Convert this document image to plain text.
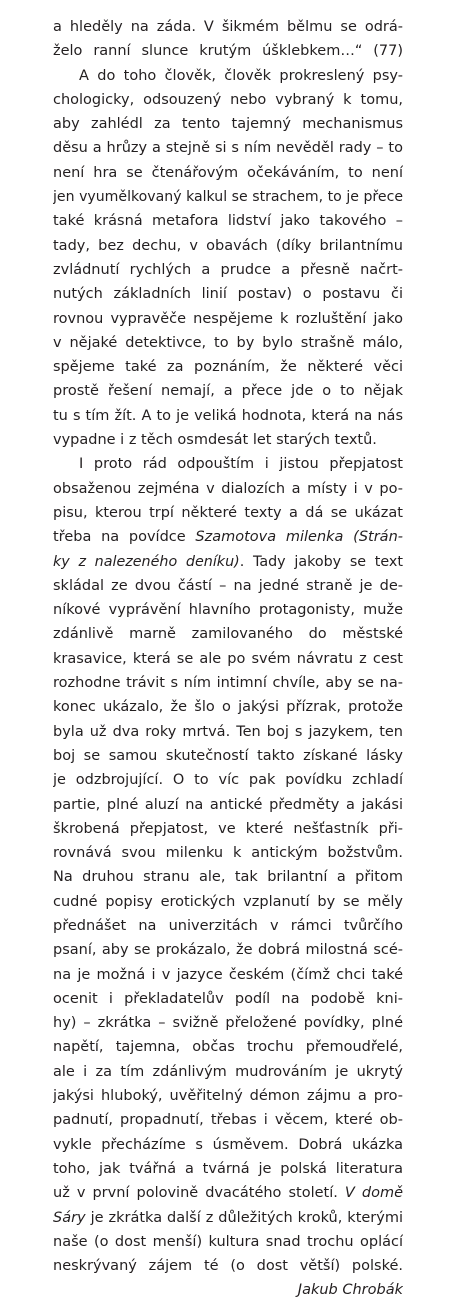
a hleděly na záda. V šikmém bělmu se odrá-
želo ranní slunce krutým úšklebkem…“ (77)
A do toho člověk, člověk prokreslený psy-
chologicky, odsouzený nebo vybraný k tomu,
aby zahlédl za tento tajemný mechanismus
děsu a hrůzy a stejně si s ním nevěděl rady – to
není hra se čtenářovým očekáváním, to není
jen vyumělkovaný kalkul se strachem, to je přece
také krásná metafora lidství jako takového –
tady, bez dechu, v obavách (díky brilantnímu
zvládnutí rychlých a prudce a přesně načrt-
nutých základních linií postav) o postavu či
rovnou vypravěče nespějeme k rozluštění jako
v nějaké detektivce, to by bylo strašně málo,
spějeme také za poznáním, že některé věci
prostě řešení nemají, a přece jde o to nějak
tu s tím žít. A to je veliká hodnota, která na nás
vypadne i z těch osmdesát let starých textů.
I proto rád odpouštím i jistou přepjatost
obsaženou zejména v dialozích a místy i v po-
pisu, kterou trpí některé texty a dá se ukázat
třeba na povídce Szamotova milenka (Strán-
ky z nalezeného deníku). Tady jakoby se text
skládal ze dvou částí – na jedné straně je de-
níkové vyprávění hlavního protagonisty, muže
zdánlivě marně zamilovaného do městské
krasavice, která se ale po svém návratu z cest
rozhodne trávit s ním intimní chvíle, aby se na-
konec ukázalo, že šlo o jakýsi přízrak, protože
byla už dva roky mrtvá. Ten boj s jazykem, ten
boj se samou skutečností takto získané lásky
je odzbrojující. O to víc pak povídku zchladí
partie, plné aluzí na antické předměty a jakási
škrobená přepjatost, ve které nešťastník při-
rovnává svou milenku k antickým božstvům.
Na druhou stranu ale, tak brilantní a přitom
cudné popisy erotických vzplanutí by se měly
přednášet na univerzitách v rámci tvůrčího
psaní, aby se prokázalo, že dobrá milostná scé-
na je možná i v jazyce českém (čímž chci také
ocenit i překladatelův podíl na podobě kni-
hy) – zkrátka – svižně přeložené povídky, plné
napětí, tajemna, občas trochu přemoudřelé,
ale i za tím zdánlivým mudrováním je ukrytý
jakýsi hluboký, uvěřitelný démon zájmu a pro-
padnutí, propadnutí, třebas i věcem, které ob-
vykle přecházíme s úsměvem. Dobrá ukázka
toho, jak tvářná a tvárná je polská literatura
už v první polovině dvacátého století. V domě
Sáry je zkrátka další z důležitých kroků, kterými
naše (o dost menší) kultura snad trochu oplácí
neskrývaný zájem té (o dost větší) polské.
Jakub Chrobák
